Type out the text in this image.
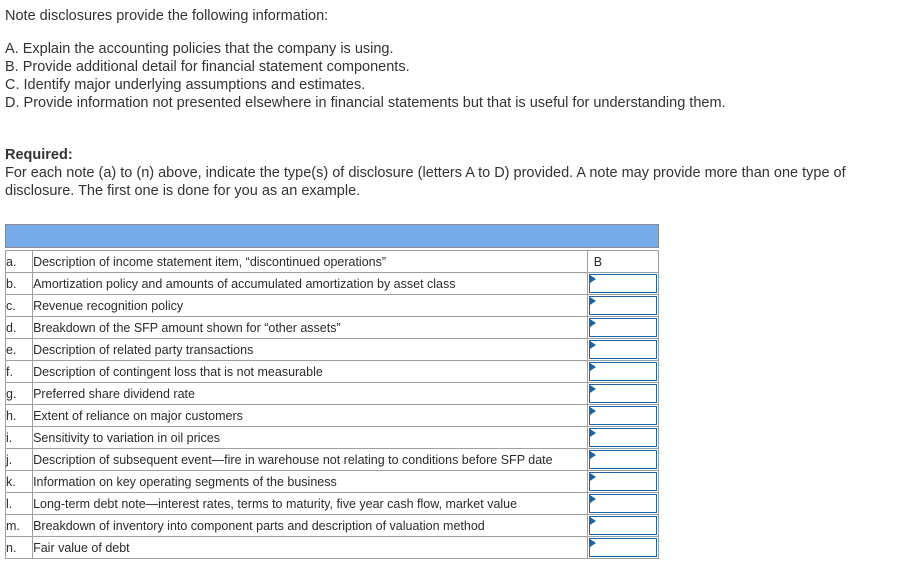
Note disclosures provide the following information:

A. Explain the accounting policies that the company is using.
B. Provide additional detail for financial statement components.
C. Identify major underlying assumptions and estimates.
D. Provide information not presented elsewhere in financial statements but that is useful for understanding them.

Required:

For each note (a) to (n) above, indicate the type(s) of disclosure (letters A to D) provided. A note may provide more than one type of disclosure. The first one is done for you as an example.

a.	Description of income statement item, “discontinued operations”	B

b.	Amortization policy and amounts of accumulated amortization by asset class	

c.	Revenue recognition policy	

d.	Breakdown of the SFP amount shown for “other assets”	

e.	Description of related party transactions	

f.	Description of contingent loss that is not measurable	

g.	Preferred share dividend rate	

h.	Extent of reliance on major customers	

i.	Sensitivity to variation in oil prices	

j.	Description of subsequent event—fire in warehouse not relating to conditions before SFP date	

k.	Information on key operating segments of the business	

l.	Long-term debt note—interest rates, terms to maturity, five year cash flow, market value	

m.	Breakdown of inventory into component parts and description of valuation method	

n.	Fair value of debt	
